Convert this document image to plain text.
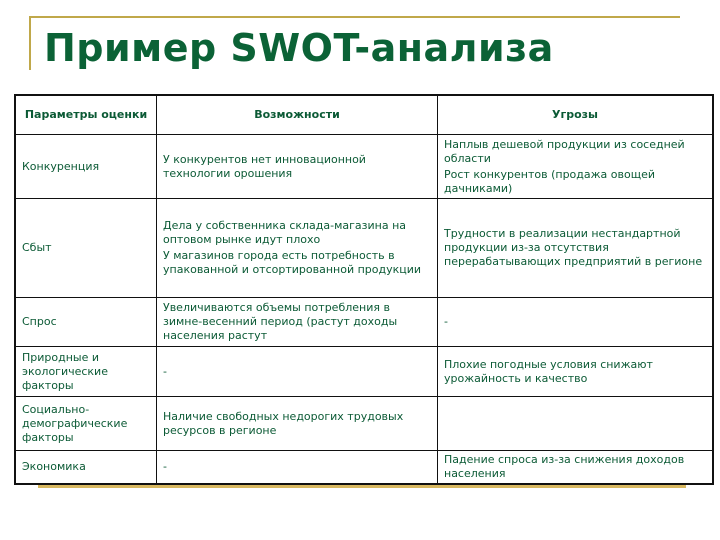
Пример SWOT-анализа
Параметры оценки	Возможности	Угрозы
Конкуренция	У конкурентов нет инновационной технологии орошения	Наплыв дешевой продукции из соседней области

Рост конкурентов (продажа овощей дачниками)

Сбыт	Дела у собственника склада-магазина на оптовом рынке идут плохо

У магазинов города есть потребность в упакованной и отсортированной продукции	Трудности в реализации нестандартной продукции из-за отсутствия перерабатывающих предприятий в регионе

Спрос	Увеличиваются объемы потребления в зимне-весенний период (растут доходы населения растут	-

Природные и экологические факторы	-	Плохие погодные условия снижают урожайность и качество

Социально-демографические факторы	Наличие свободных недорогих трудовых ресурсов в регионе	

Экономика	-	Падение спроса из-за снижения доходов населения
